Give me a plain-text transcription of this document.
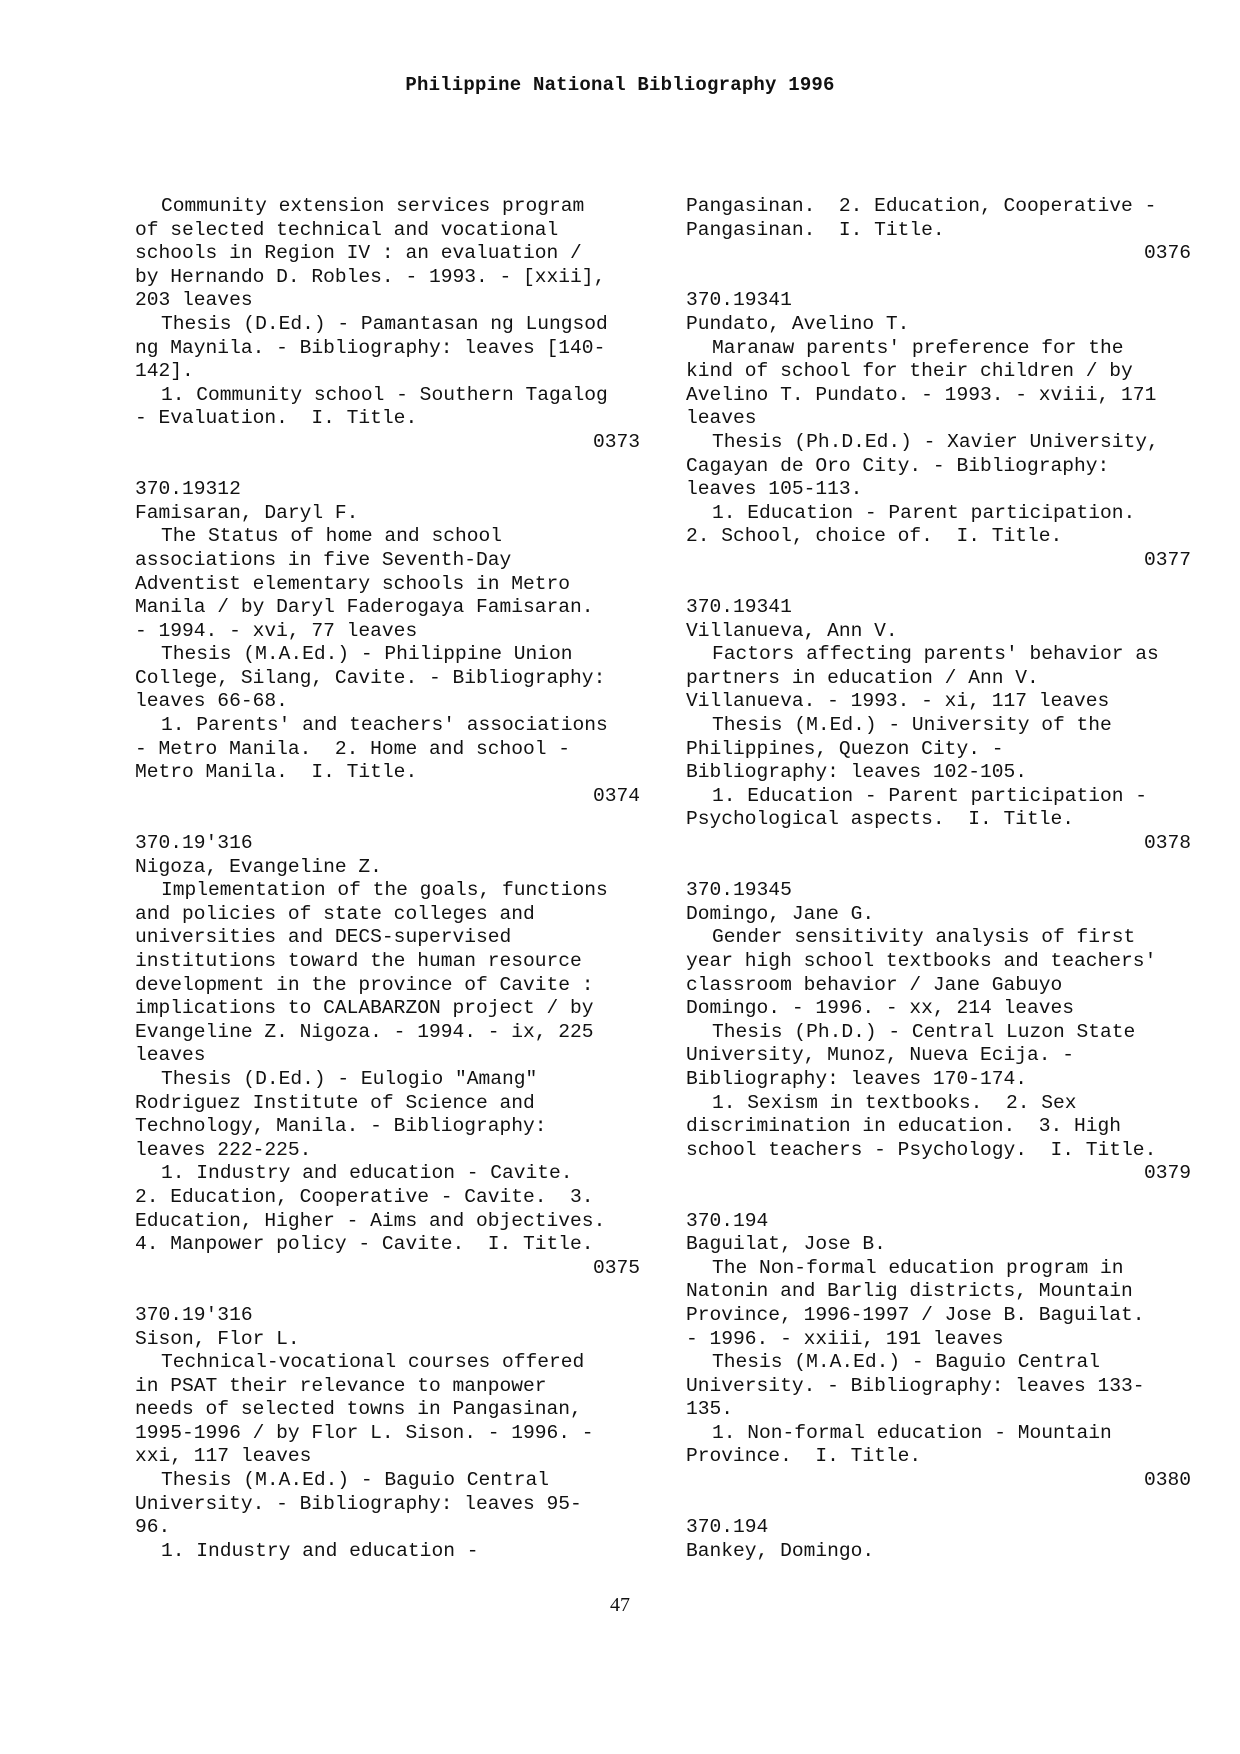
Philippine National Bibliography 1996
Community extension services program
of selected technical and vocational
schools in Region IV : an evaluation /
by Hernando D. Robles. - 1993. - [xxii],
203 leaves
Thesis (D.Ed.) - Pamantasan ng Lungsod
ng Maynila. - Bibliography: leaves [140-
142].
1. Community school - Southern Tagalog
- Evaluation.  I. Title.
0373
370.19312
Famisaran, Daryl F.
The Status of home and school
associations in five Seventh-Day
Adventist elementary schools in Metro
Manila / by Daryl Faderogaya Famisaran.
- 1994. - xvi, 77 leaves
Thesis (M.A.Ed.) - Philippine Union
College, Silang, Cavite. - Bibliography:
leaves 66-68.
1. Parents' and teachers' associations
- Metro Manila.  2. Home and school -
Metro Manila.  I. Title.
0374
370.19'316
Nigoza, Evangeline Z.
Implementation of the goals, functions
and policies of state colleges and
universities and DECS-supervised
institutions toward the human resource
development in the province of Cavite :
implications to CALABARZON project / by
Evangeline Z. Nigoza. - 1994. - ix, 225
leaves
Thesis (D.Ed.) - Eulogio "Amang"
Rodriguez Institute of Science and
Technology, Manila. - Bibliography:
leaves 222-225.
1. Industry and education - Cavite.
2. Education, Cooperative - Cavite.  3.
Education, Higher - Aims and objectives.
4. Manpower policy - Cavite.  I. Title.
0375
370.19'316
Sison, Flor L.
Technical-vocational courses offered
in PSAT their relevance to manpower
needs of selected towns in Pangasinan,
1995-1996 / by Flor L. Sison. - 1996. -
xxi, 117 leaves
Thesis (M.A.Ed.) - Baguio Central
University. - Bibliography: leaves 95-
96.
1. Industry and education -
Pangasinan.  2. Education, Cooperative -
Pangasinan.  I. Title.
0376
370.19341
Pundato, Avelino T.
Maranaw parents' preference for the
kind of school for their children / by
Avelino T. Pundato. - 1993. - xviii, 171
leaves
Thesis (Ph.D.Ed.) - Xavier University,
Cagayan de Oro City. - Bibliography:
leaves 105-113.
1. Education - Parent participation.
2. School, choice of.  I. Title.
0377
370.19341
Villanueva, Ann V.
Factors affecting parents' behavior as
partners in education / Ann V.
Villanueva. - 1993. - xi, 117 leaves
Thesis (M.Ed.) - University of the
Philippines, Quezon City. -
Bibliography: leaves 102-105.
1. Education - Parent participation -
Psychological aspects.  I. Title.
0378
370.19345
Domingo, Jane G.
Gender sensitivity analysis of first
year high school textbooks and teachers'
classroom behavior / Jane Gabuyo
Domingo. - 1996. - xx, 214 leaves
Thesis (Ph.D.) - Central Luzon State
University, Munoz, Nueva Ecija. -
Bibliography: leaves 170-174.
1. Sexism in textbooks.  2. Sex
discrimination in education.  3. High
school teachers - Psychology.  I. Title.
0379
370.194
Baguilat, Jose B.
The Non-formal education program in
Natonin and Barlig districts, Mountain
Province, 1996-1997 / Jose B. Baguilat.
- 1996. - xxiii, 191 leaves
Thesis (M.A.Ed.) - Baguio Central
University. - Bibliography: leaves 133-
135.
1. Non-formal education - Mountain
Province.  I. Title.
0380
370.194
Bankey, Domingo.
47
